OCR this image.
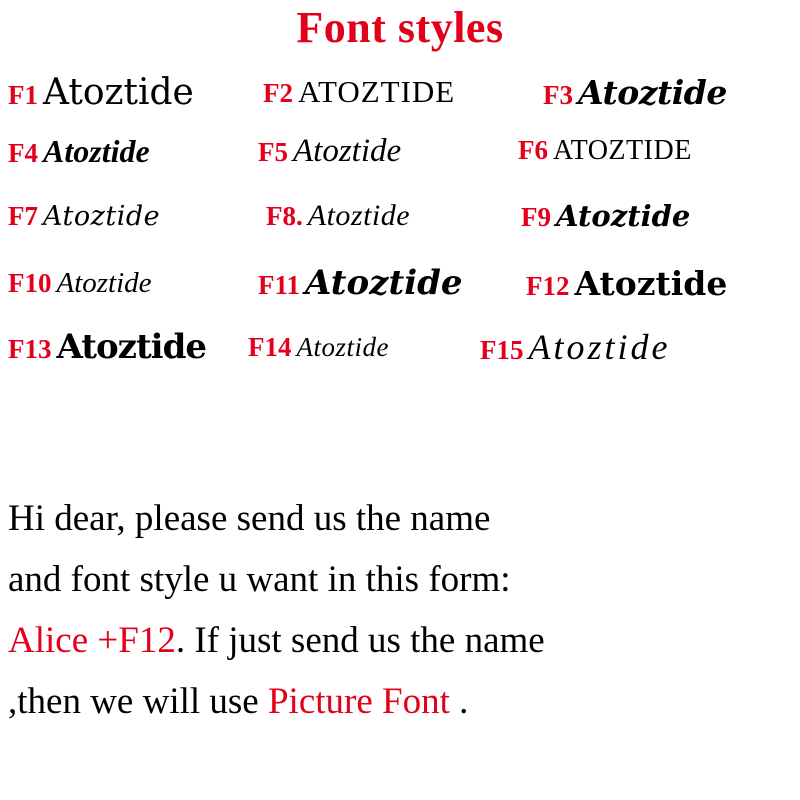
Font styles
F1 Atoztide	F2 ATOZTIDE	F3 Atoztide
F4 Atoztide	F5 Atoztide	F6 ATOZTIDE
F7 Atoztide	F8. Atoztide	F9 Atoztide
F10 Atoztide	F11 Atoztide F12 Atoztide
F13 Atoztide F14 Atoztide	F15 Atoztide
Hi dear, please send us the name
and font style u want in this form:
Alice +F12. If just send us the name
,then we will use Picture Font .
